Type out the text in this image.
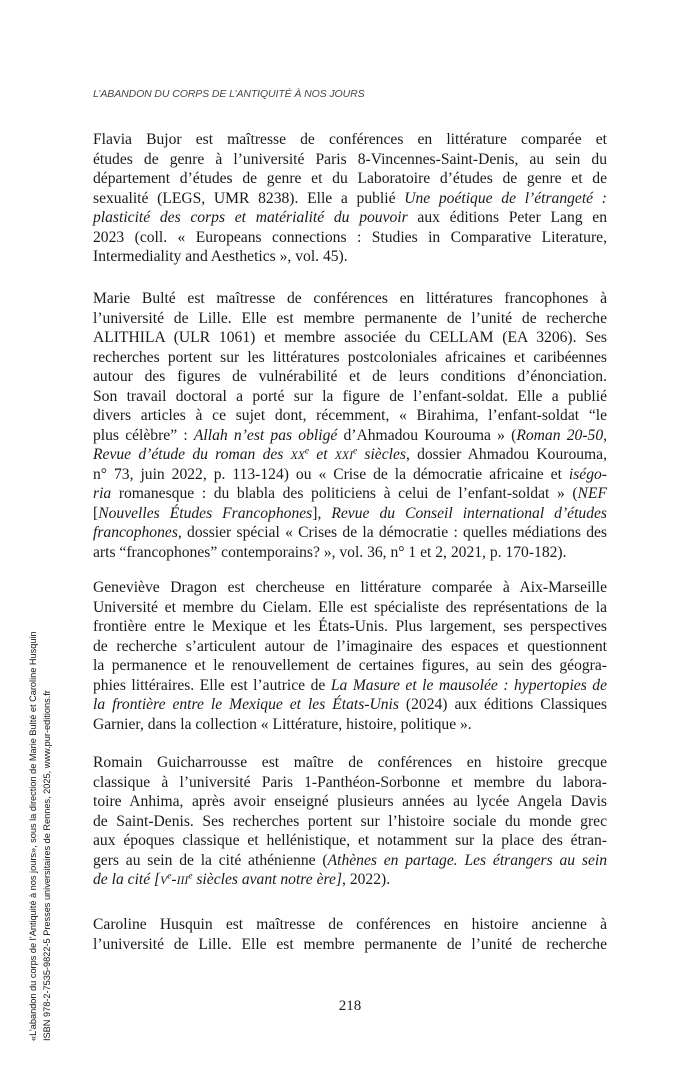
L’ABANDON DU CORPS DE L’ANTIQUITÉ À NOS JOURS
Flavia Bujor est maîtresse de conférences en littérature comparée et
études de genre à l’université Paris 8-Vincennes-Saint-Denis, au sein du
département d’études de genre et du Laboratoire d’études de genre et de
sexualité (LEGS, UMR 8238). Elle a publié Une poétique de l’étrangeté :
plasticité des corps et matérialité du pouvoir aux éditions Peter Lang en
2023 (coll. « Europeans connections : Studies in Comparative Literature,
Intermediality and Aesthetics », vol. 45).
Marie Bulté est maîtresse de conférences en littératures francophones à
l’université de Lille. Elle est membre permanente de l’unité de recherche
ALITHILA (ULR 1061) et membre associée du CELLAM (EA 3206). Ses
recherches portent sur les littératures postcoloniales africaines et caribéennes
autour des figures de vulnérabilité et de leurs conditions d’énonciation.
Son travail doctoral a porté sur la figure de l’enfant-soldat. Elle a publié
divers articles à ce sujet dont, récemment, « Birahima, l’enfant-soldat “le
plus célèbre” : Allah n’est pas obligé d’Ahmadou Kourouma » (Roman 20-50,
Revue d’étude du roman des XXe et XXIe siècles, dossier Ahmadou Kourouma,
n° 73, juin 2022, p. 113-124) ou « Crise de la démocratie africaine et iségo-
ria romanesque : du blabla des politiciens à celui de l’enfant-soldat » (NEF
[Nouvelles Études Francophones], Revue du Conseil international d’études
francophones, dossier spécial « Crises de la démocratie : quelles médiations des
arts “francophones” contemporains? », vol. 36, n° 1 et 2, 2021, p. 170-182).
Geneviève Dragon est chercheuse en littérature comparée à Aix-Marseille
Université et membre du Cielam. Elle est spécialiste des représentations de la
frontière entre le Mexique et les États-Unis. Plus largement, ses perspectives
de recherche s’articulent autour de l’imaginaire des espaces et questionnent
la permanence et le renouvellement de certaines figures, au sein des géogra-
phies littéraires. Elle est l’autrice de La Masure et le mausolée : hypertopies de
la frontière entre le Mexique et les États-Unis (2024) aux éditions Classiques
Garnier, dans la collection « Littérature, histoire, politique ».
Romain Guicharrousse est maître de conférences en histoire grecque
classique à l’université Paris 1-Panthéon-Sorbonne et membre du labora-
toire Anhima, après avoir enseigné plusieurs années au lycée Angela Davis
de Saint-Denis. Ses recherches portent sur l’histoire sociale du monde grec
aux époques classique et hellénistique, et notamment sur la place des étran-
gers au sein de la cité athénienne (Athènes en partage. Les étrangers au sein
de la cité [Ve-IIIe siècles avant notre ère], 2022).
Caroline Husquin est maîtresse de conférences en histoire ancienne à
l’université de Lille. Elle est membre permanente de l’unité de recherche
218
«L’abandon du corps de l’Antiquité à nos jours», sous la direction de Marie Bulté et Caroline Husquin ISBN 978-2-7535-9822-5 Presses universitaires de Rennes, 2025, www.pur-editions.fr
